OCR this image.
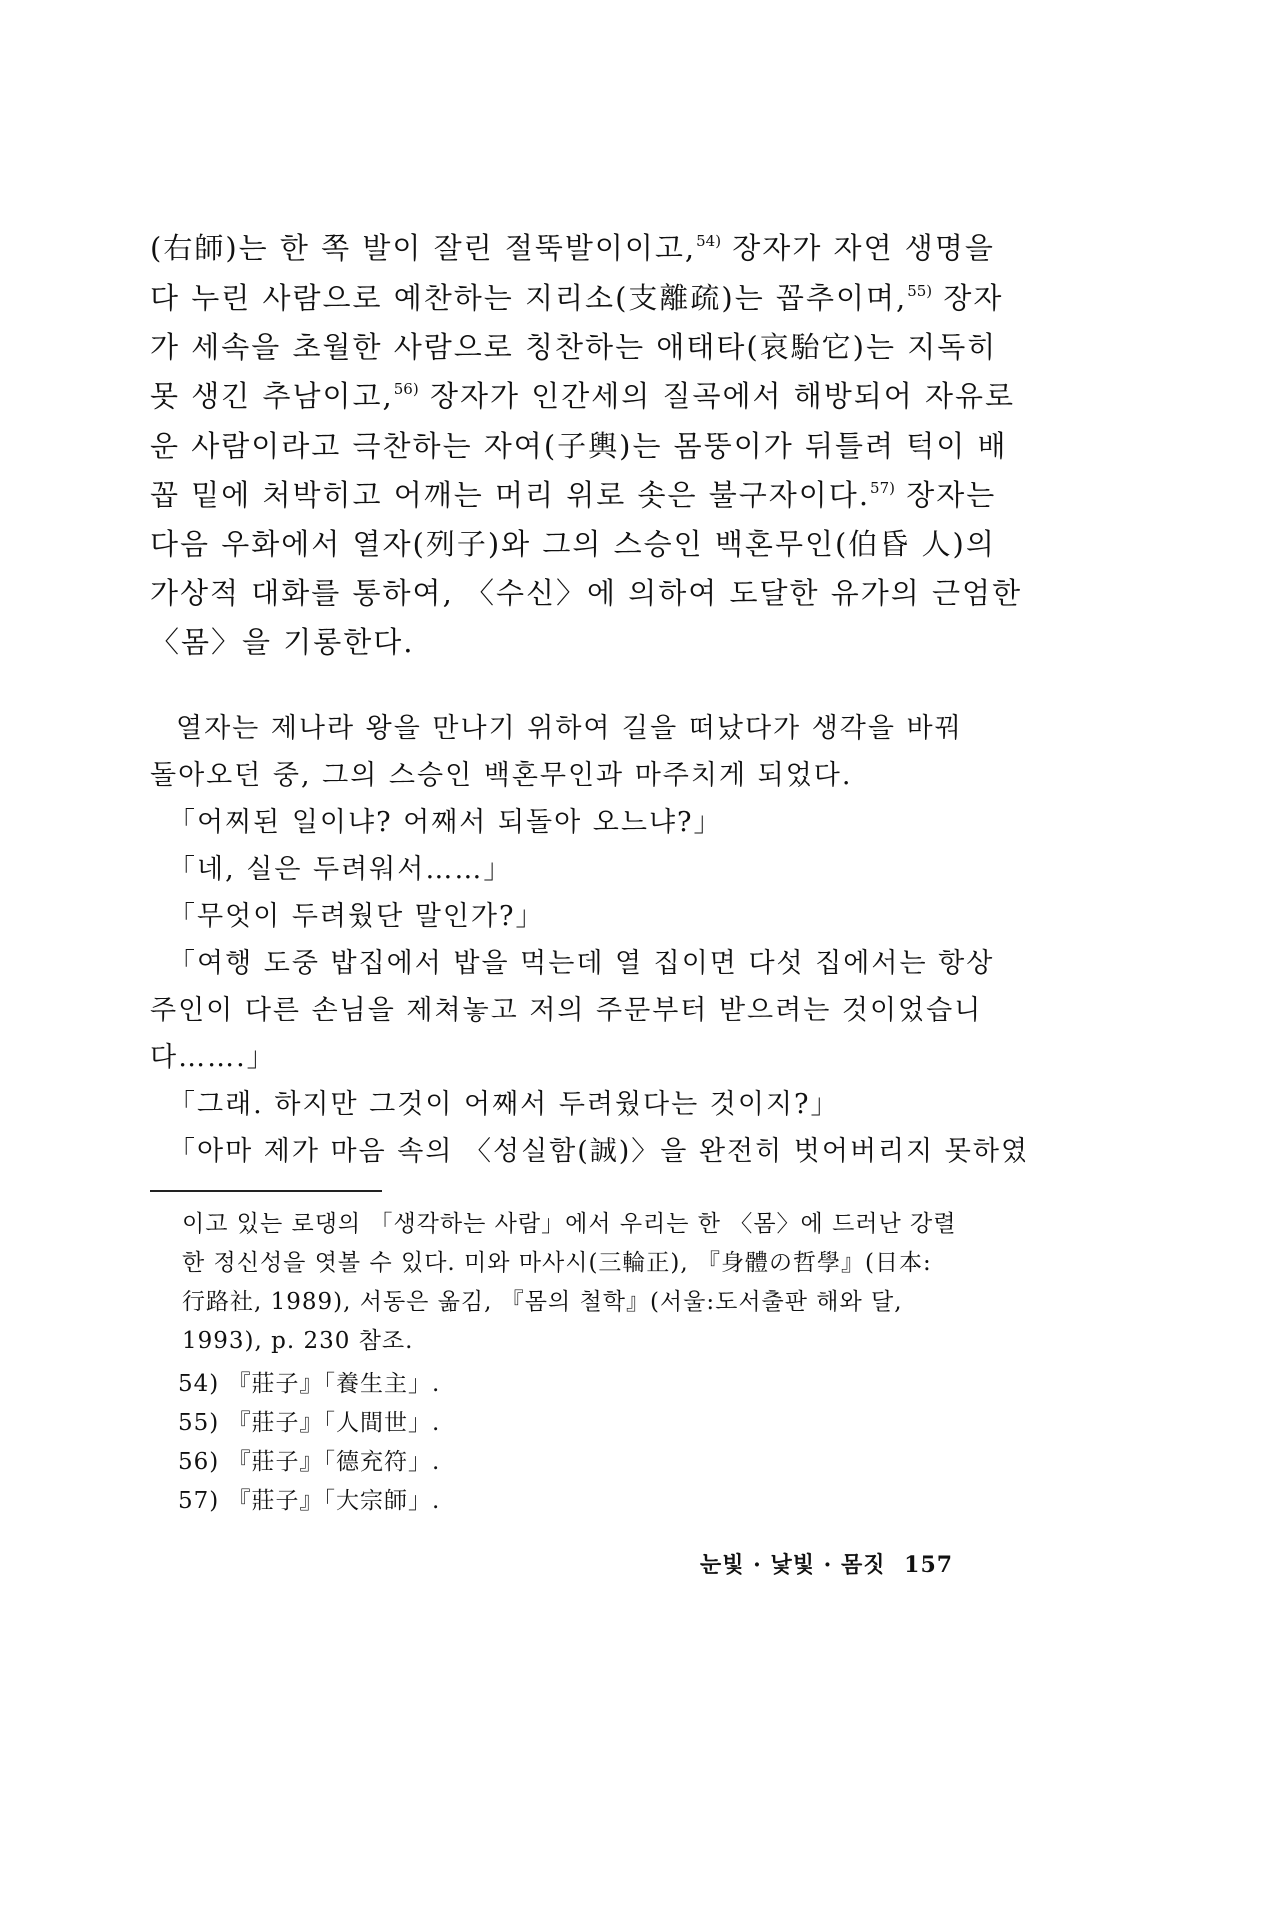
(右師)는 한 쪽 발이 잘린 절뚝발이이고,$^{54)}$ 장자가 자연 생명을

다 누린 사람으로 예찬하는 지리소(支離疏)는 꼽추이며,$^{55)}$ 장자

가 세속을 초월한 사람으로 칭찬하는 애태타(哀駘它)는 지독히

못 생긴 추남이고,$^{56)}$ 장자가 인간세의 질곡에서 해방되어 자유로

운 사람이라고 극찬하는 자여(子輿)는 몸뚱이가 뒤틀려 턱이 배

꼽 밑에 처박히고 어깨는 머리 위로 솟은 불구자이다.$^{57)}$ 장자는

다음 우화에서 열자(列子)와 그의 스승인 백혼무인(伯昏 人)의

가상적 대화를 통하여, 〈수신〉에 의하여 도달한 유가의 근엄한

〈몸〉을 기롱한다.

열자는 제나라 왕을 만나기 위하여 길을 떠났다가 생각을 바꿔

돌아오던 중, 그의 스승인 백혼무인과 마주치게 되었다.

「어찌된 일이냐? 어째서 되돌아 오느냐?」

「네, 실은 두려워서……」

「무엇이 두려웠단 말인가?」

「여행 도중 밥집에서 밥을 먹는데 열 집이면 다섯 집에서는 항상

주인이 다른 손님을 제쳐놓고 저의 주문부터 받으려는 것이었습니

다…….」

「그래. 하지만 그것이 어째서 두려웠다는 것이지?」

「아마 제가 마음 속의 〈성실함(誠)〉을 완전히 벗어버리지 못하였

이고 있는 로댕의 「생각하는 사람」에서 우리는 한 〈몸〉에 드러난 강렬

한 정신성을 엿볼 수 있다. 미와 마사시(三輪正), 『身體の哲學』(日本:

行路社, 1989), 서동은 옮김, 『몸의 철학』(서울:도서출판 해와 달,

1993), p. 230 참조.

54) 『莊子』「養生主」.

55) 『莊子』「人間世」.

56) 『莊子』「德充符」.

57) 『莊子』「大宗師」.

눈빛 · 낯빛 · 몸짓 157
